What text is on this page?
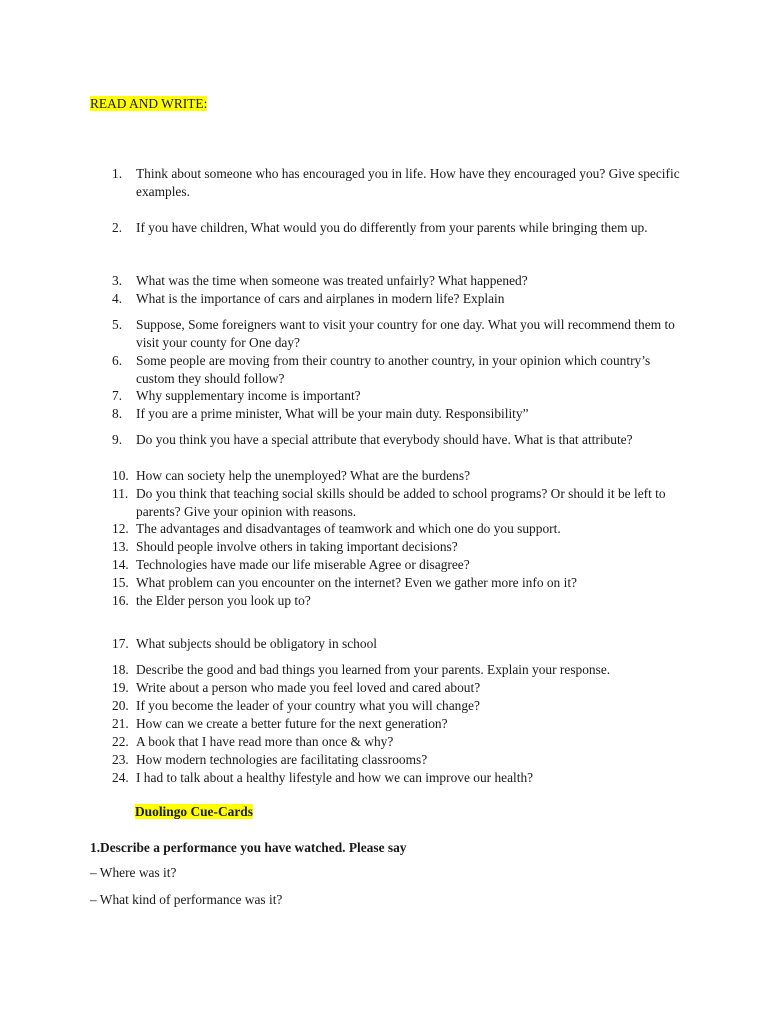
READ AND WRITE:
1.	Think about someone who has encouraged you in life. How have they encouraged you? Give specific examples.
2.	If you have children, What would you do differently from your parents while bringing them up.
3.	What was the time when someone was treated unfairly? What happened?
4.	What is the importance of cars and airplanes in modern life? Explain
5.	Suppose, Some foreigners want to visit your country for one day. What you will recommend them to visit your county for One day?
6.	Some people are moving from their country to another country, in your opinion which country’s custom they should follow?
7.	Why supplementary income is important?
8.	If you are a prime minister, What will be your main duty. Responsibility”
9.	Do you think you have a special attribute that everybody should have. What is that attribute?
10. How can society help the unemployed? What are the burdens?
11. Do you think that teaching social skills should be added to school programs? Or should it be left to parents? Give your opinion with reasons.
12. The advantages and disadvantages of teamwork and which one do you support.
13. Should people involve others in taking important decisions?
14. Technologies have made our life miserable Agree or disagree?
15. What problem can you encounter on the internet? Even we gather more info on it?
16. the Elder person you look up to?
17. What subjects should be obligatory in school
18. Describe the good and bad things you learned from your parents. Explain your response.
19. Write about a person who made you feel loved and cared about?
20. If you become the leader of your country what you will change?
21. How can we create a better future for the next generation?
22. A book that I have read more than once & why?
23. How modern technologies are facilitating classrooms?
24. I had to talk about a healthy lifestyle and how we can improve our health?
Duolingo Cue-Cards
1.Describe a performance you have watched. Please say
– Where was it?
– What kind of performance was it?
